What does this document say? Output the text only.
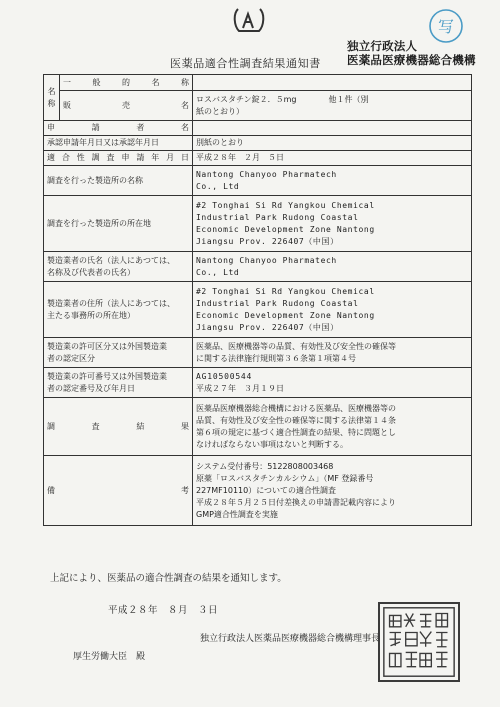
写
独立行政法人
医薬品医療機器総合機構
医薬品適合性調査結果通知書
名称	一般的名称	
	販売名	ロスバスタチン錠２．５mg　　　　他１件（別
紙のとおり）

申請者名		
承認申請年月日又は承認年月日		別紙のとおり
適合性調査申請年月日		平成２８年　２月　５日
調査を行った製造所の名称		Nantong Chanyoo Pharmatech
Co., Ltd

調査を行った製造所の所在地		#2 Tonghai Si Rd Yangkou Chemical
Industrial Park Rudong Coastal
Economic Development Zone Nantong
Jiangsu Prov. 226407（中国）

製造業者の氏名（法人にあつては、
名称及び代表者の氏名）		Nantong Chanyoo Pharmatech
Co., Ltd

製造業者の住所（法人にあつては、
主たる事務所の所在地）		#2 Tonghai Si Rd Yangkou Chemical
Industrial Park Rudong Coastal
Economic Development Zone Nantong
Jiangsu Prov. 226407（中国）

製造業の許可区分又は外国製造業
者の認定区分		医薬品、医療機器等の品質、有効性及び安全性の確保等
に関する法律施行規則第３６条第１項第４号

製造業の許可番号又は外国製造業
者の認定番号及び年月日		AG10500544
平成２７年　３月１９日

調査結果		医薬品医療機器総合機構における医薬品、医療機器等の
品質、有効性及び安全性の確保等に関する法律第１４条
第６項の規定に基づく適合性調査の結果、特に問題とし
なければならない事項はないと判断する。

備考		システム受付番号：5122808003468
原薬「ロスバスタチンカルシウム」（MF 登録番号
227MF10110）についての適合性調査
平成２８年５月２５日付差換えの申請書記載内容により
GMP適合性調査を実施
上記により、医薬品の適合性調査の結果を通知します。
平成２８年　８月　３日
独立行政法人医薬品医療機器総合機構理事長
厚生労働大臣　殿
